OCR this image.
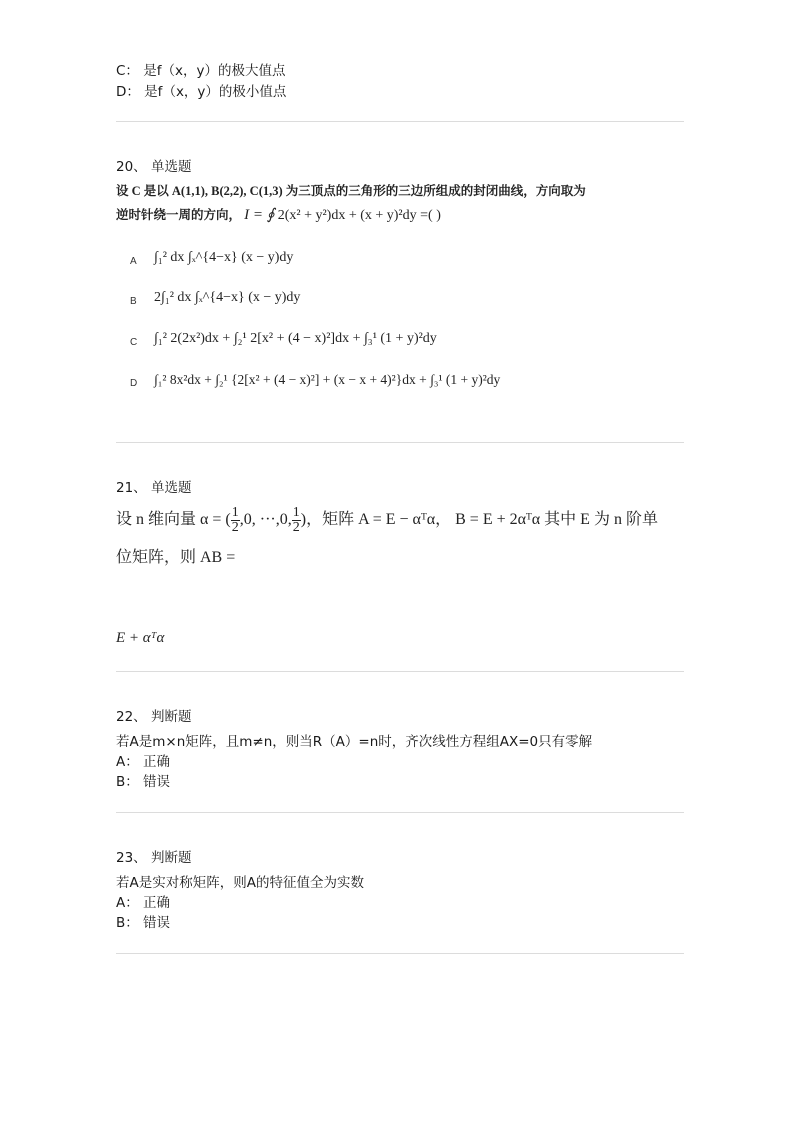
C： 是f（x，y）的极大值点
D： 是f（x，y）的极小值点
20、 单选题
设 C 是以 A(1,1), B(2,2), C(1,3) 为三顶点的三角形的三边所组成的封闭曲线，方向取为
逆时针绕一周的方向， I = ∮ 2(x² + y²)dx + (x + y)²dy =( )
A ∫₁² dx ∫ₓ^{4−x} (x − y)dy
B 2∫₁² dx ∫ₓ^{4−x} (x − y)dy
C ∫₁² 2(2x²)dx + ∫₂¹ 2[x² + (4 − x)²]dx + ∫₃¹ (1 + y)²dy
D ∫₁² 8x²dx + ∫₂¹ {2[x² + (4 − x)²] + (x − x + 4)²}dx + ∫₃¹ (1 + y)²dy
21、 单选题
设 n 维向量 α = ( $\frac{1}{2} ,0$, ···,0, $\frac{1}{2}$ )，矩阵 A = E − αᵀα， B = E + 2αᵀα 其中 E 为 n 阶单
位矩阵，则 AB =
E + αᵀα
22、 判断题
若A是m×n矩阵，且m≠n，则当R（A）=n时，齐次线性方程组AX=0只有零解
A： 正确
B： 错误
23、 判断题
若A是实对称矩阵，则A的特征值全为实数
A： 正确
B： 错误
